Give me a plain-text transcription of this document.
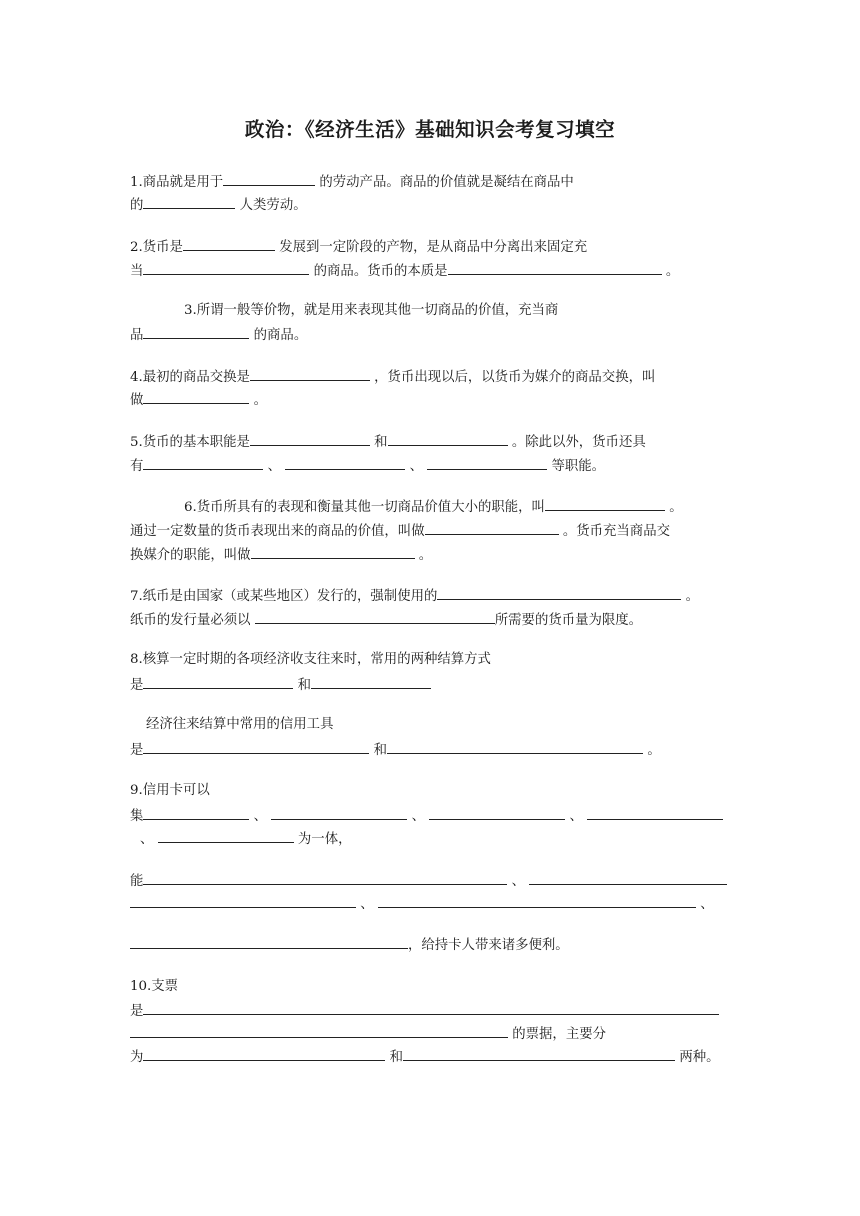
政治：《经济生活》基础知识会考复习填空
1.商品就是用于	的劳动产品。商品的价值就是凝结在商品中
的	人类劳动。
2.货币是	发展到一定阶段的产物，是从商品中分离出来固定充
当	的商品。货币的本质是	。
3.所谓一般等价物，就是用来表现其他一切商品的价值，充当商
品	的商品。
4.最初的商品交换是	，货币出现以后，以货币为媒介的商品交换，叫
做	。
5.货币的基本职能是	和	。除此以外，货币还具
有	、	、	等职能。
6.货币所具有的表现和衡量其他一切商品价值大小的职能，叫	。
通过一定数量的货币表现出来的商品的价值，叫做	。货币充当商品交
换媒介的职能，叫做	。
7.纸币是由国家（或某些地区）发行的，强制使用的	。
纸币的发行量必须以	所需要的货币量为限度。
8.核算一定时期的各项经济收支往来时，常用的两种结算方式
是	和
经济往来结算中常用的信用工具
是	和	。
9.信用卡可以
集	、	、	、
、	为一体，
能	、
、	、
，给持卡人带来诸多便利。
10.支票
是
的票据，主要分
为	和	两种。
